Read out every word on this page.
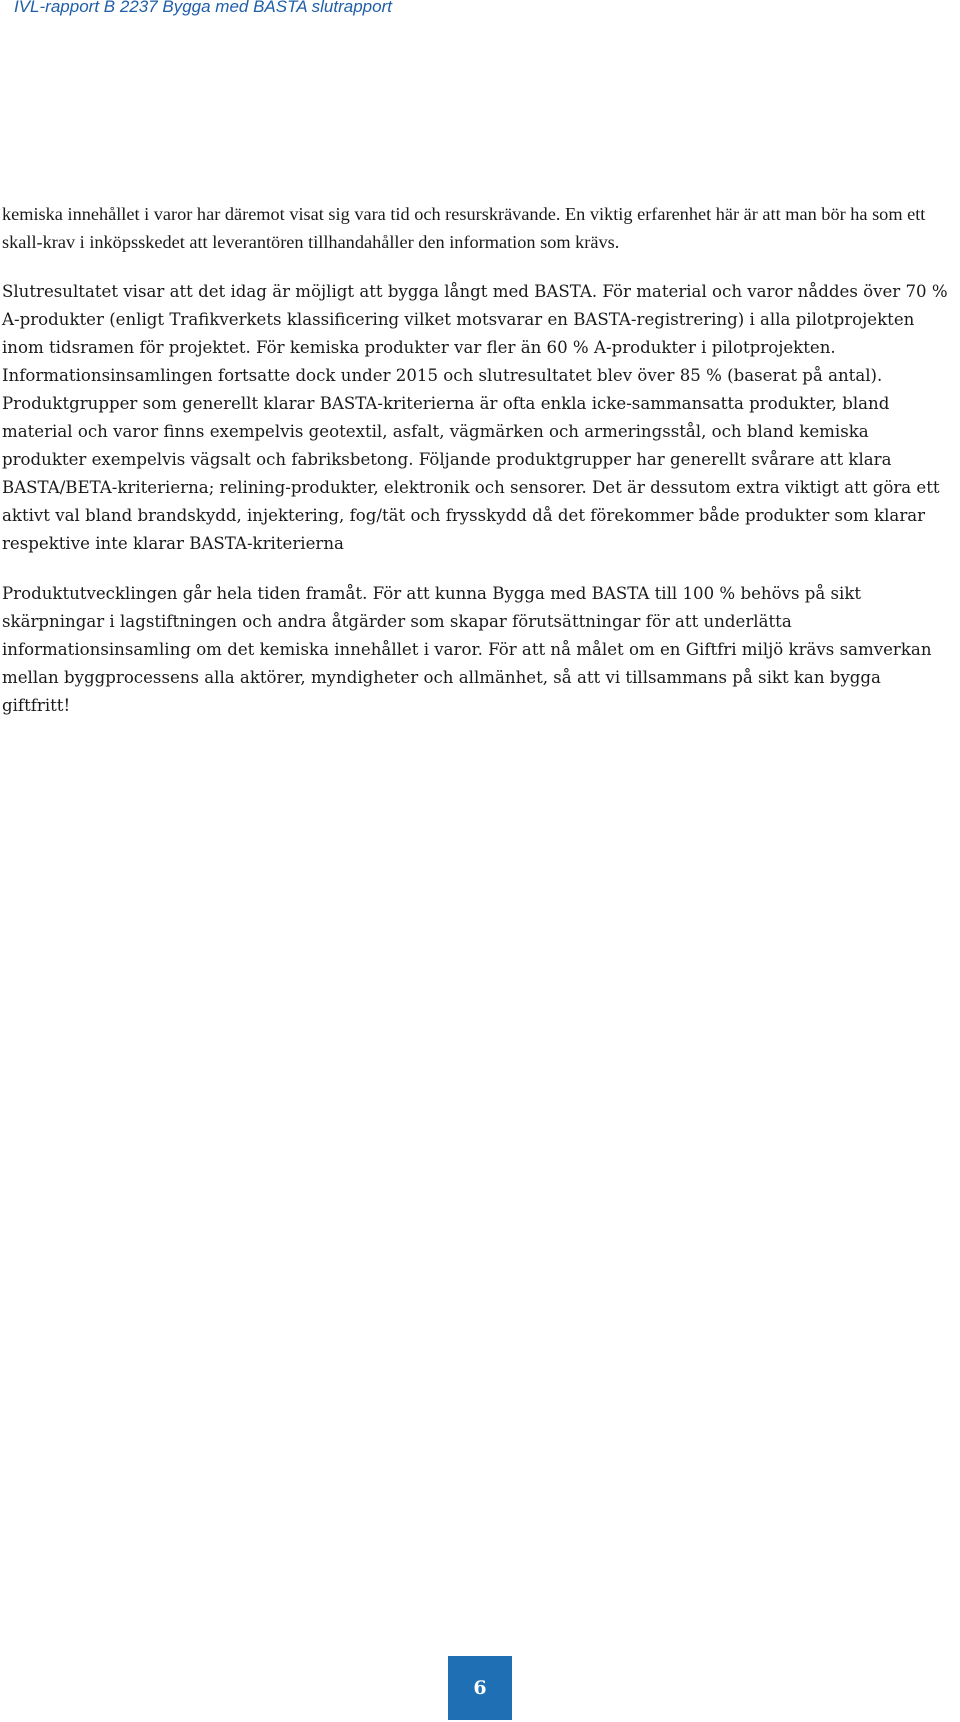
IVL-rapport B 2237 Bygga med BASTA slutrapport

kemiska innehållet i varor har däremot visat sig vara tid och resurskrävande. En viktig erfarenhet här är att man bör ha som ett skall-krav i inköpsskedet att leverantören tillhandahåller den information som krävs.

Slutresultatet visar att det idag är möjligt att bygga långt med BASTA. För material och varor nåddes över 70 % A-produkter (enligt Trafikverkets klassificering vilket motsvarar en BASTA-registrering) i alla pilotprojekten inom tidsramen för projektet. För kemiska produkter var fler än 60 % A-produkter i pilotprojekten. Informationsinsamlingen fortsatte dock under 2015 och slutresultatet blev över 85 % (baserat på antal). Produktgrupper som generellt klarar BASTA-kriterierna är ofta enkla icke-sammansatta produkter, bland material och varor finns exempelvis geotextil, asfalt, vägmärken och armeringsstål, och bland kemiska produkter exempelvis vägsalt och fabriksbetong. Följande produktgrupper har generellt svårare att klara BASTA/BETA-kriterierna; relining-produkter, elektronik och sensorer. Det är dessutom extra viktigt att göra ett aktivt val bland brandskydd, injektering, fog/tät och frysskydd då det förekommer både produkter som klarar respektive inte klarar BASTA-kriterierna

Produktutvecklingen går hela tiden framåt. För att kunna Bygga med BASTA till 100 % behövs på sikt skärpningar i lagstiftningen och andra åtgärder som skapar förutsättningar för att underlätta informationsinsamling om det kemiska innehållet i varor. För att nå målet om en Giftfri miljö krävs samverkan mellan byggprocessens alla aktörer, myndigheter och allmänhet, så att vi tillsammans på sikt kan bygga giftfritt!

6
